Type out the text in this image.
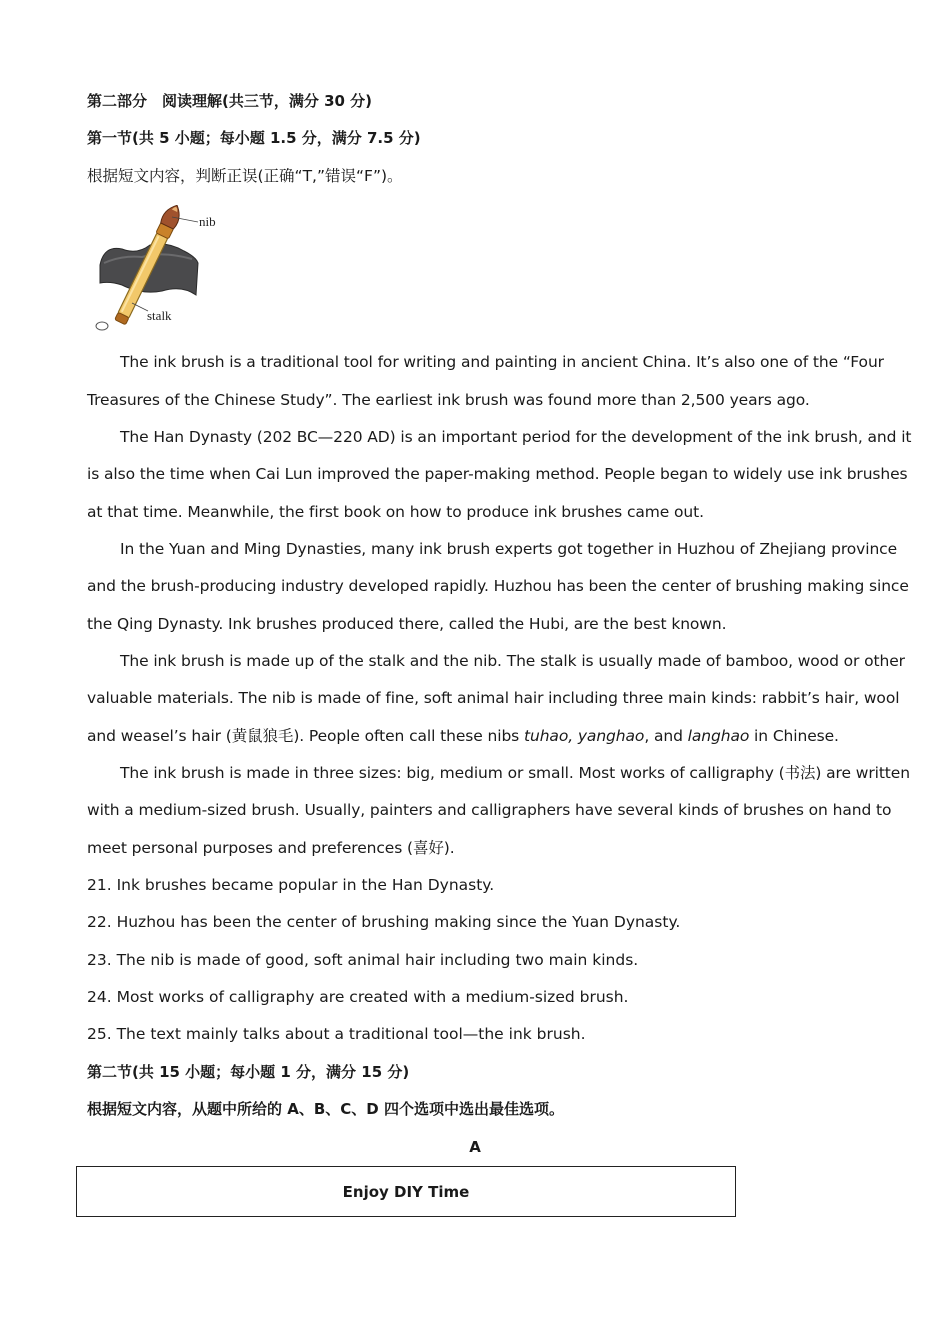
第二部分　阅读理解(共三节，满分 30 分)
第一节(共 5 小题；每小题 1.5 分，满分 7.5 分)
根据短文内容，判断正误(正确“T,”错误“F”)。
nib
stalk
The ink brush is a traditional tool for writing and painting in ancient China. It’s also one of the “Four
Treasures of the Chinese Study”. The earliest ink brush was found more than 2,500 years ago.
The Han Dynasty (202 BC—220 AD) is an important period for the development of the ink brush, and it
is also the time when Cai Lun improved the paper-making method. People began to widely use ink brushes
at that time. Meanwhile, the first book on how to produce ink brushes came out.
In the Yuan and Ming Dynasties, many ink brush experts got together in Huzhou of Zhejiang province
and the brush-producing industry developed rapidly. Huzhou has been the center of brushing making since
the Qing Dynasty. Ink brushes produced there, called the Hubi, are the best known.
The ink brush is made up of the stalk and the nib. The stalk is usually made of bamboo, wood or other
valuable materials. The nib is made of fine, soft animal hair including three main kinds: rabbit’s hair, wool
and weasel’s hair (黄鼠狼毛). People often call these nibs tuhao, yanghao, and langhao in Chinese.
The ink brush is made in three sizes: big, medium or small. Most works of calligraphy (书法) are written
with a medium-sized brush. Usually, painters and calligraphers have several kinds of brushes on hand to
meet personal purposes and preferences (喜好).
21. Ink brushes became popular in the Han Dynasty.
22. Huzhou has been the center of brushing making since the Yuan Dynasty.
23. The nib is made of good, soft animal hair including two main kinds.
24. Most works of calligraphy are created with a medium-sized brush.
25. The text mainly talks about a traditional tool—the ink brush.
第二节(共 15 小题；每小题 1 分，满分 15 分)
根据短文内容，从题中所给的 A、B、C、D 四个选项中选出最佳选项。
A
Enjoy DIY Time
